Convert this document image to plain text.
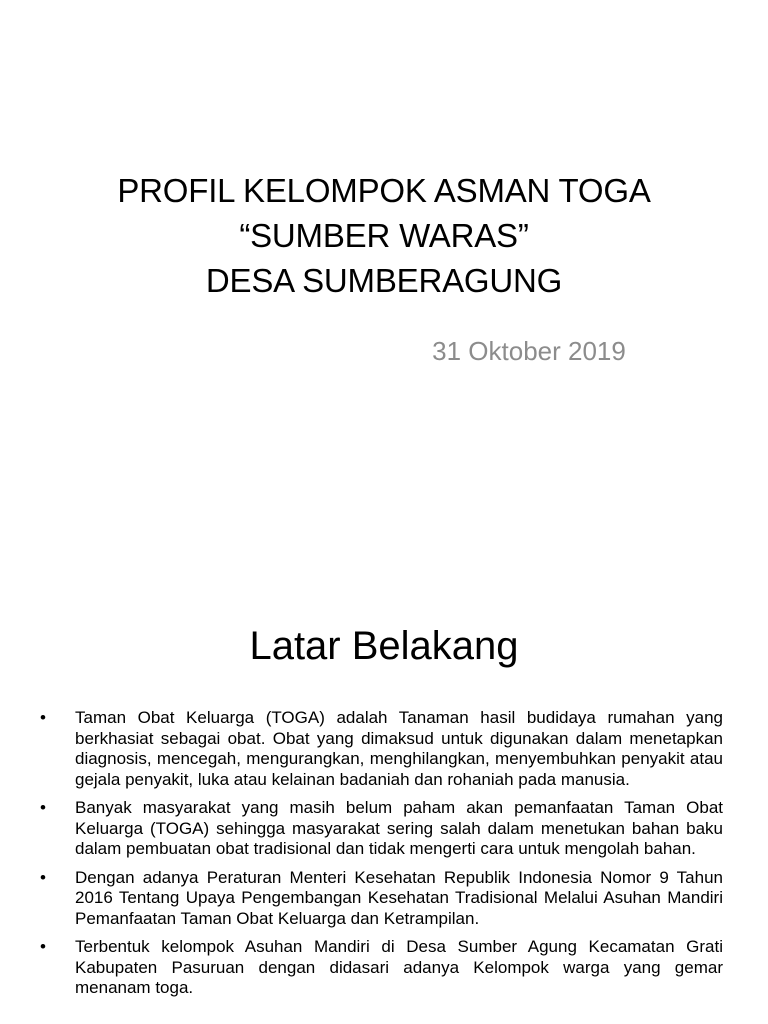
PROFIL KELOMPOK ASMAN TOGA
“SUMBER WARAS”
DESA SUMBERAGUNG
31 Oktober 2019
Latar Belakang
•	Taman Obat Keluarga (TOGA) adalah Tanaman hasil budidaya rumahan yang berkhasiat sebagai obat. Obat yang dimaksud untuk digunakan dalam menetapkan diagnosis, mencegah, mengurangkan, menghilangkan, menyembuhkan penyakit atau gejala penyakit, luka atau kelainan badaniah dan rohaniah pada manusia.
•	Banyak masyarakat yang masih belum paham akan pemanfaatan Taman Obat Keluarga (TOGA) sehingga masyarakat sering salah dalam menetukan bahan baku dalam pembuatan obat tradisional dan tidak mengerti cara untuk mengolah bahan.
•	Dengan adanya Peraturan Menteri Kesehatan Republik Indonesia Nomor 9 Tahun 2016 Tentang Upaya Pengembangan Kesehatan Tradisional Melalui Asuhan Mandiri Pemanfaatan Taman Obat Keluarga dan Ketrampilan.
•	Terbentuk kelompok Asuhan Mandiri di Desa Sumber Agung Kecamatan Grati Kabupaten Pasuruan dengan didasari adanya Kelompok warga yang gemar menanam toga.
